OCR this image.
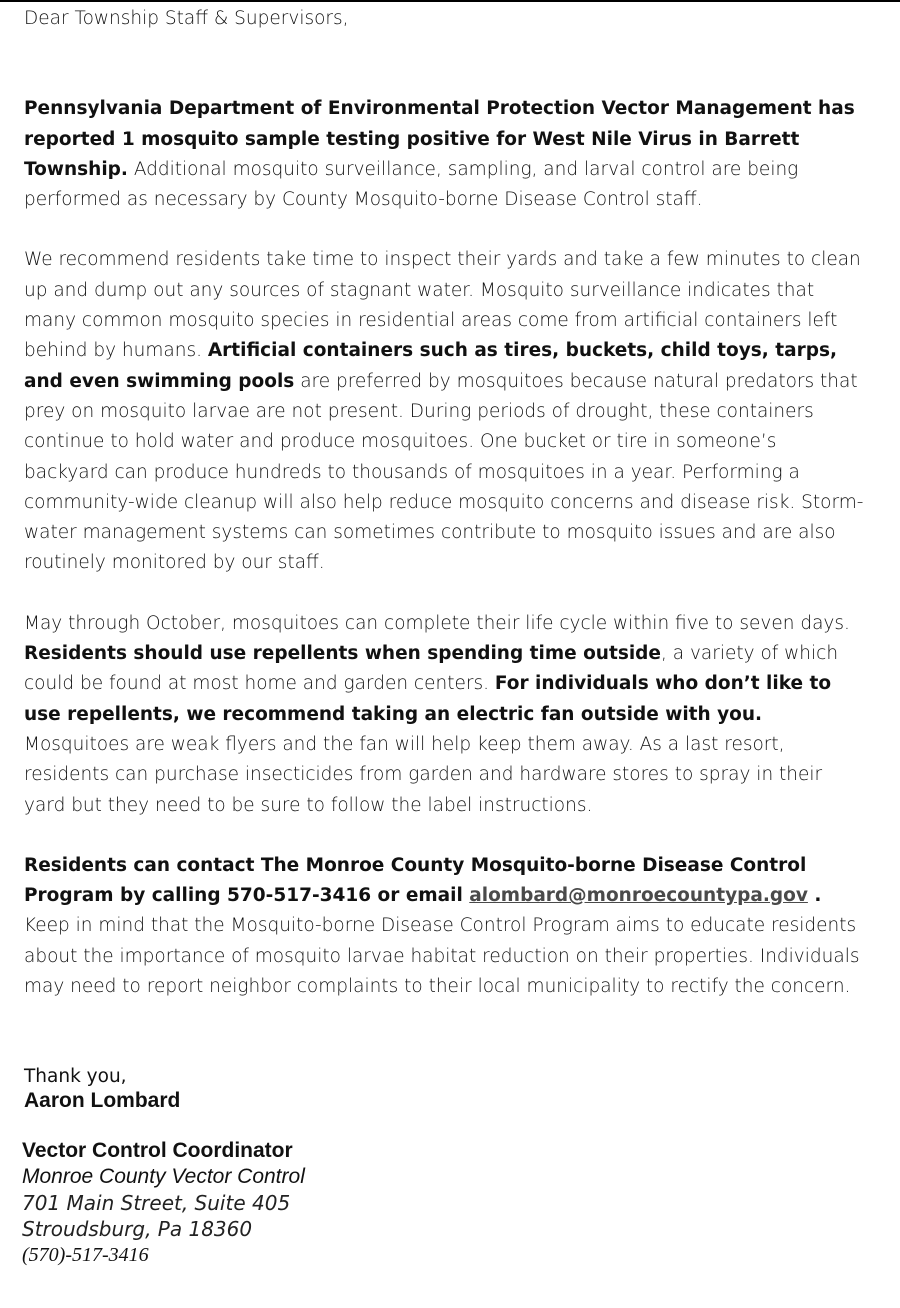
Dear Township Staff & Supervisors,

Pennsylvania Department of Environmental Protection Vector Management has reported 1 mosquito sample testing positive for West Nile Virus in Barrett Township. Additional mosquito surveillance, sampling, and larval control are being performed as necessary by County Mosquito-borne Disease Control staff.

We recommend residents take time to inspect their yards and take a few minutes to clean up and dump out any sources of stagnant water. Mosquito surveillance indicates that many common mosquito species in residential areas come from artificial containers left behind by humans. Artificial containers such as tires, buckets, child toys, tarps, and even swimming pools are preferred by mosquitoes because natural predators that prey on mosquito larvae are not present. During periods of drought, these containers continue to hold water and produce mosquitoes. One bucket or tire in someone’s backyard can produce hundreds to thousands of mosquitoes in a year. Performing a community-wide cleanup will also help reduce mosquito concerns and disease risk. Storm-water management systems can sometimes contribute to mosquito issues and are also routinely monitored by our staff.

May through October, mosquitoes can complete their life cycle within five to seven days. Residents should use repellents when spending time outside, a variety of which could be found at most home and garden centers. For individuals who don’t like to use repellents, we recommend taking an electric fan outside with you. Mosquitoes are weak flyers and the fan will help keep them away. As a last resort, residents can purchase insecticides from garden and hardware stores to spray in their yard but they need to be sure to follow the label instructions.

Residents can contact The Monroe County Mosquito-borne Disease Control Program by calling 570-517-3416 or email alombard@monroecountypa.gov . Keep in mind that the Mosquito-borne Disease Control Program aims to educate residents about the importance of mosquito larvae habitat reduction on their properties. Individuals may need to report neighbor complaints to their local municipality to rectify the concern.

Thank you,

Aaron Lombard

Vector Control Coordinator

Monroe County Vector Control

701 Main Street, Suite 405

Stroudsburg, Pa 18360

(570)-517-3416
